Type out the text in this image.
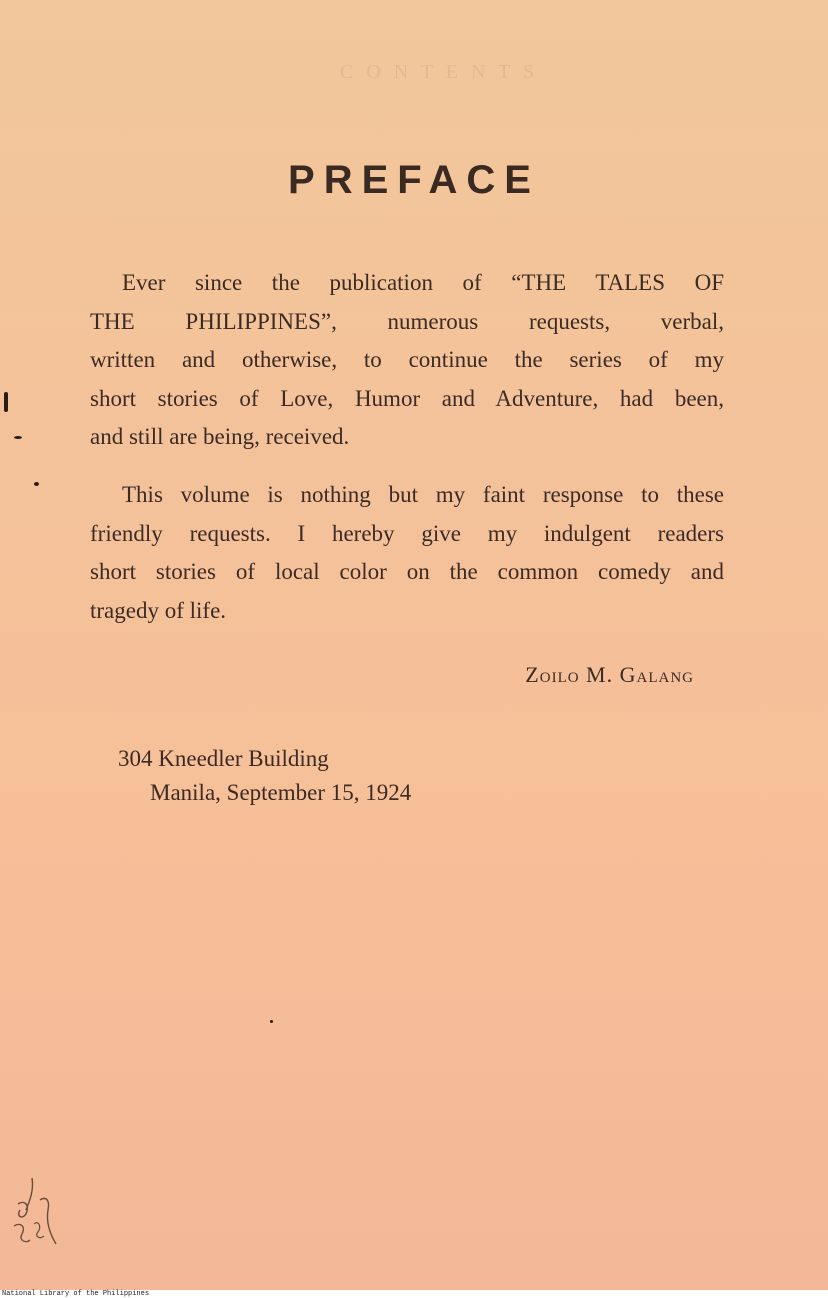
C O N T E N T S
PREFACE
Ever since the publication of “THE TALES OF
THE PHILIPPINES”, numerous requests, verbal,
written and otherwise, to continue the series of my
short stories of Love, Humor and Adventure, had been,
and still are being, received.
This volume is nothing but my faint response to these
friendly requests. I hereby give my indulgent readers
short stories of local color on the common comedy and
tragedy of life.

Zoilo M. Galang

304 Kneedler Building
Manila, September 15, 1924

National Library of the Philippines
